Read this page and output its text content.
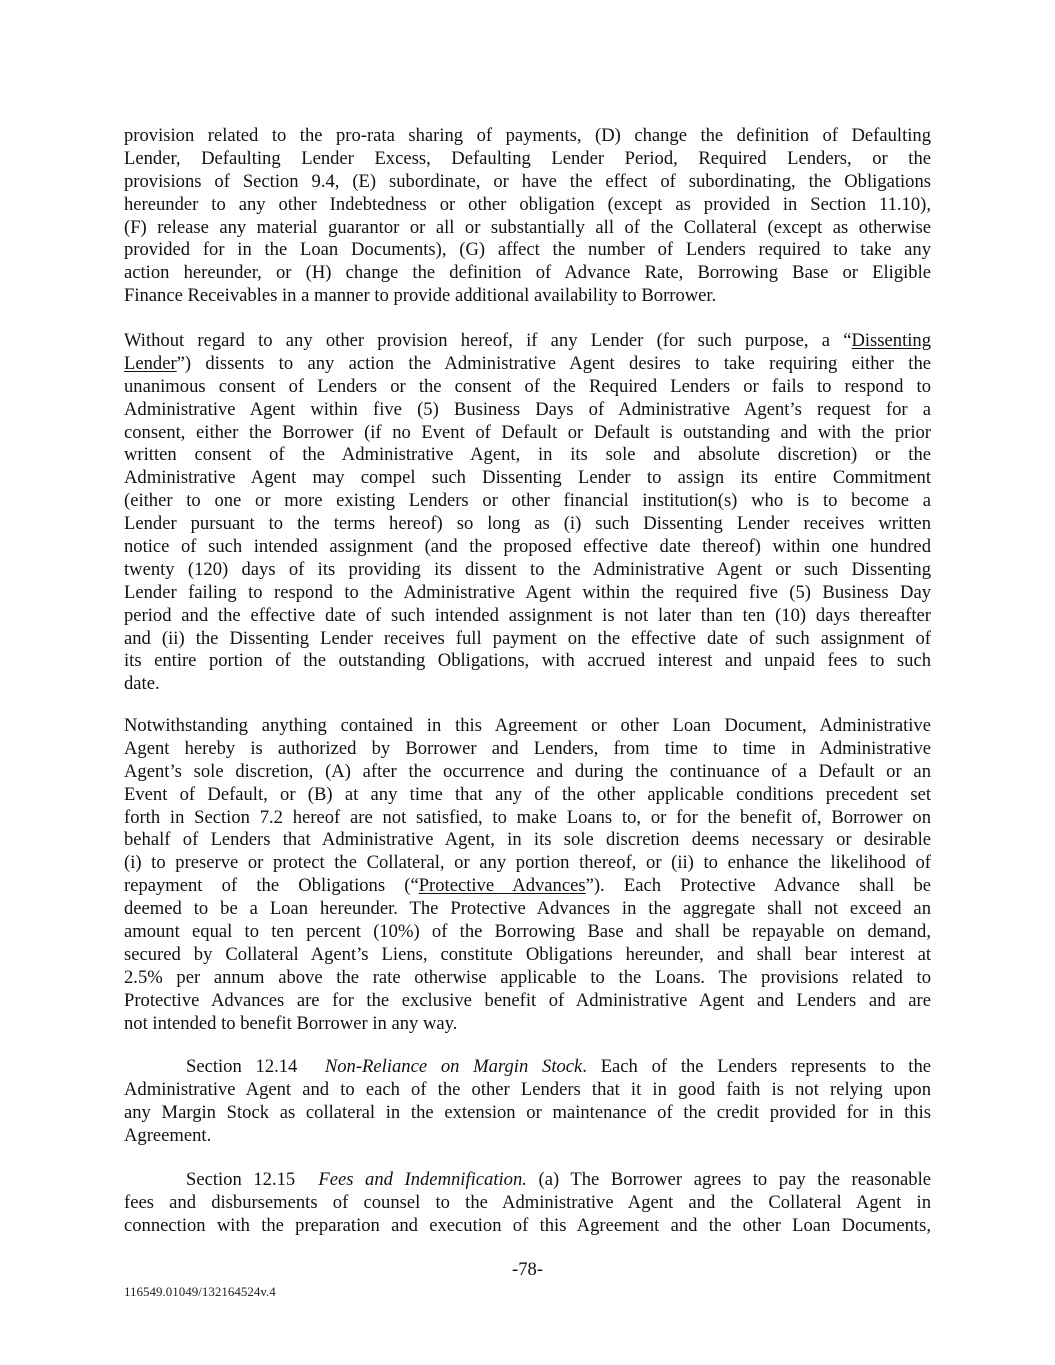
provision related to the pro-rata sharing of payments, (D) change the definition of Defaulting
Lender, Defaulting Lender Excess, Defaulting Lender Period, Required Lenders, or the
provisions of Section 9.4, (E) subordinate, or have the effect of subordinating, the Obligations
hereunder to any other Indebtedness or other obligation (except as provided in Section 11.10),
(F) release any material guarantor or all or substantially all of the Collateral (except as otherwise
provided for in the Loan Documents), (G) affect the number of Lenders required to take any
action hereunder, or (H) change the definition of Advance Rate, Borrowing Base or Eligible
Finance Receivables in a manner to provide additional availability to Borrower.
Without regard to any other provision hereof, if any Lender (for such purpose, a “Dissenting
Lender”) dissents to any action the Administrative Agent desires to take requiring either the
unanimous consent of Lenders or the consent of the Required Lenders or fails to respond to
Administrative Agent within five (5) Business Days of Administrative Agent’s request for a
consent, either the Borrower (if no Event of Default or Default is outstanding and with the prior
written consent of the Administrative Agent, in its sole and absolute discretion) or the
Administrative Agent may compel such Dissenting Lender to assign its entire Commitment
(either to one or more existing Lenders or other financial institution(s) who is to become a
Lender pursuant to the terms hereof) so long as (i) such Dissenting Lender receives written
notice of such intended assignment (and the proposed effective date thereof) within one hundred
twenty (120) days of its providing its dissent to the Administrative Agent or such Dissenting
Lender failing to respond to the Administrative Agent within the required five (5) Business Day
period and the effective date of such intended assignment is not later than ten (10) days thereafter
and (ii) the Dissenting Lender receives full payment on the effective date of such assignment of
its entire portion of the outstanding Obligations, with accrued interest and unpaid fees to such
date.
Notwithstanding anything contained in this Agreement or other Loan Document, Administrative
Agent hereby is authorized by Borrower and Lenders, from time to time in Administrative
Agent’s sole discretion, (A) after the occurrence and during the continuance of a Default or an
Event of Default, or (B) at any time that any of the other applicable conditions precedent set
forth in Section 7.2 hereof are not satisfied, to make Loans to, or for the benefit of, Borrower on
behalf of Lenders that Administrative Agent, in its sole discretion deems necessary or desirable
(i) to preserve or protect the Collateral, or any portion thereof, or (ii) to enhance the likelihood of
repayment of the Obligations (“Protective Advances”). Each Protective Advance shall be
deemed to be a Loan hereunder. The Protective Advances in the aggregate shall not exceed an
amount equal to ten percent (10%) of the Borrowing Base and shall be repayable on demand,
secured by Collateral Agent’s Liens, constitute Obligations hereunder, and shall bear interest at
2.5% per annum above the rate otherwise applicable to the Loans. The provisions related to
Protective Advances are for the exclusive benefit of Administrative Agent and Lenders and are
not intended to benefit Borrower in any way.
Section 12.14 Non-Reliance on Margin Stock. Each of the Lenders represents to the
Administrative Agent and to each of the other Lenders that it in good faith is not relying upon
any Margin Stock as collateral in the extension or maintenance of the credit provided for in this
Agreement.
Section 12.15 Fees and Indemnification. (a) The Borrower agrees to pay the reasonable
fees and disbursements of counsel to the Administrative Agent and the Collateral Agent in
connection with the preparation and execution of this Agreement and the other Loan Documents,
-78-
116549.01049/132164524v.4
